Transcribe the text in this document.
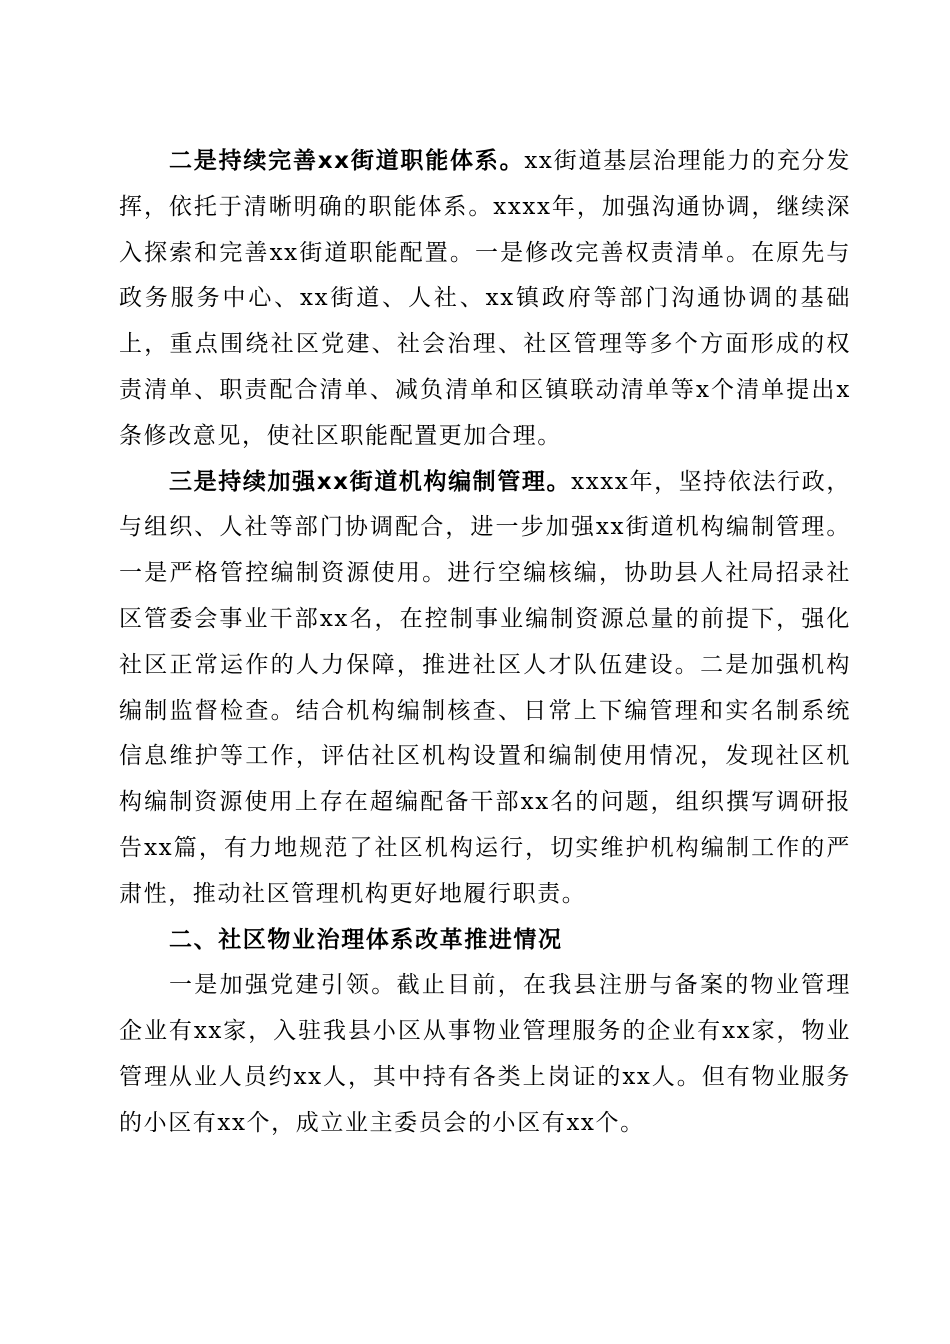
二是持续完善xx街道职能体系。xx街道基层治理能力的充分发挥，依托于清晰明确的职能体系。xxxx年，加强沟通协调，继续深入探索和完善xx街道职能配置。一是修改完善权责清单。在原先与政务服务中心、xx街道、人社、xx镇政府等部门沟通协调的基础上，重点围绕社区党建、社会治理、社区管理等多个方面形成的权责清单、职责配合清单、减负清单和区镇联动清单等x个清单提出x条修改意见，使社区职能配置更加合理。

三是持续加强xx街道机构编制管理。xxxx年，坚持依法行政，与组织、人社等部门协调配合，进一步加强xx街道机构编制管理。一是严格管控编制资源使用。进行空编核编，协助县人社局招录社区管委会事业干部xx名，在控制事业编制资源总量的前提下，强化社区正常运作的人力保障，推进社区人才队伍建设。二是加强机构编制监督检查。结合机构编制核查、日常上下编管理和实名制系统信息维护等工作，评估社区机构设置和编制使用情况，发现社区机构编制资源使用上存在超编配备干部xx名的问题，组织撰写调研报告xx篇，有力地规范了社区机构运行，切实维护机构编制工作的严肃性，推动社区管理机构更好地履行职责。

二、社区物业治理体系改革推进情况

一是加强党建引领。截止目前，在我县注册与备案的物业管理企业有xx家，入驻我县小区从事物业管理服务的企业有xx家，物业管理从业人员约xx人，其中持有各类上岗证的xx人。但有物业服务的小区有xx个，成立业主委员会的小区有xx个。
